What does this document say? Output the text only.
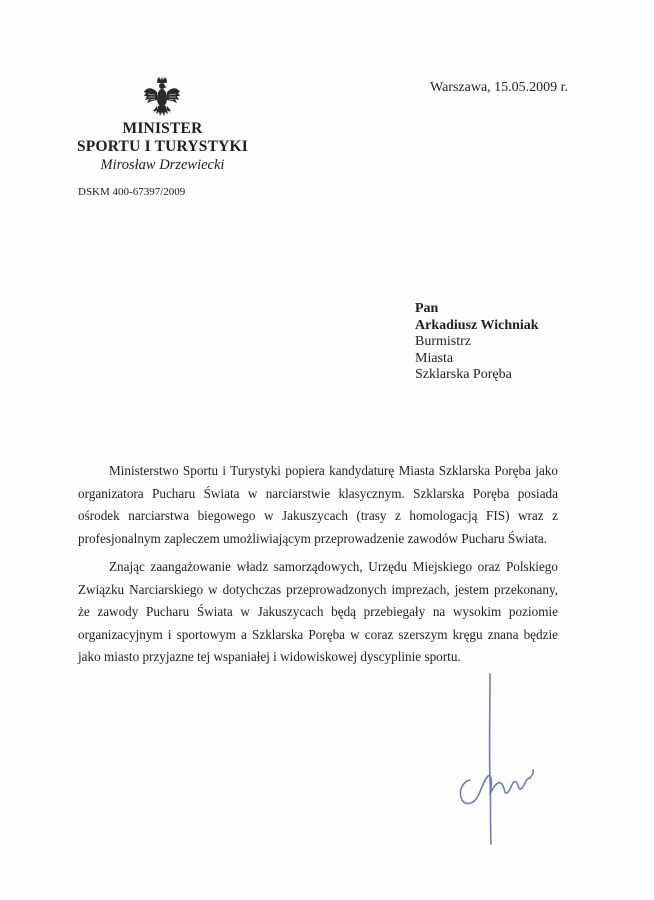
Warszawa, 15.05.2009 r.
MINISTER
SPORTU I TURYSTYKI
Mirosław Drzewiecki
DSKM 400-67397/2009
Pan
Arkadiusz Wichniak
Burmistrz
Miasta
Szklarska Poręba

Ministerstwo Sportu i Turystyki popiera kandydaturę Miasta Szklarska Poręba jako organizatora Pucharu Świata w narciarstwie klasycznym. Szklarska Poręba posiada ośrodek narciarstwa biegowego w Jakuszycach (trasy z homologacją FIS) wraz z profesjonalnym zapleczem umożliwiającym przeprowadzenie zawodów Pucharu Świata.

Znając zaangażowanie władz samorządowych, Urzędu Miejskiego oraz Polskiego Związku Narciarskiego w dotychczas przeprowadzonych imprezach, jestem przekonany, że zawody Pucharu Świata w Jakuszycach będą przebiegały na wysokim poziomie organizacyjnym i sportowym a Szklarska Poręba w coraz szerszym kręgu znana będzie jako miasto przyjazne tej wspaniałej i widowiskowej dyscyplinie sportu.
